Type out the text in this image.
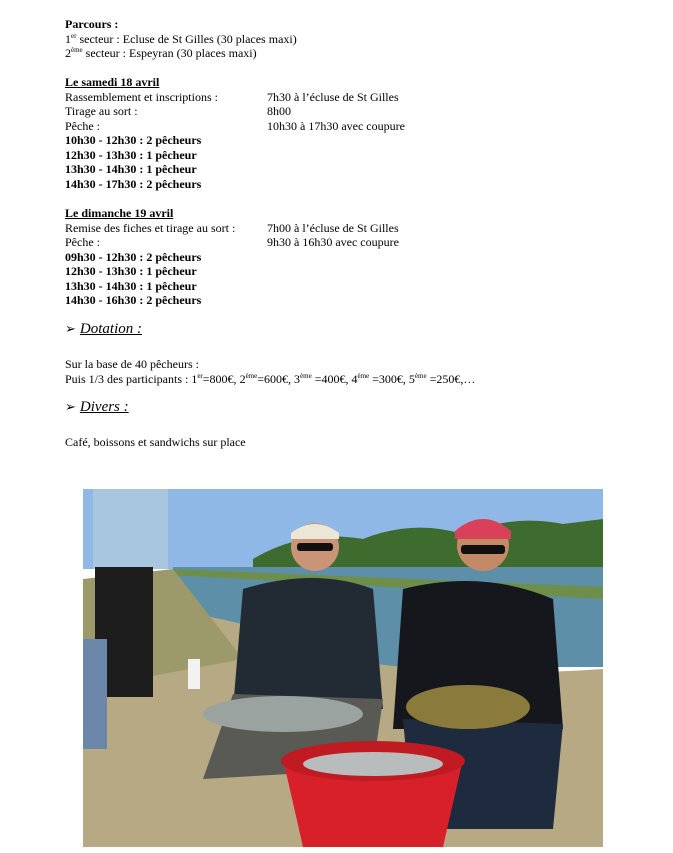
Parcours :
1er secteur : Ecluse de St Gilles (30 places maxi)
2ème secteur : Espeyran (30 places maxi)
Le samedi 18 avril
Rassemblement et inscriptions :	7h30 à l’écluse de St Gilles
Tirage au sort :	8h00
Pêche :	10h30 à 17h30 avec coupure
10h30 - 12h30 : 2 pêcheurs
12h30 - 13h30 : 1 pêcheur
13h30 - 14h30 : 1 pêcheur
14h30 - 17h30 : 2 pêcheurs
Le dimanche 19 avril
Remise des fiches et tirage au sort :	7h00 à l’écluse de St Gilles
Pêche :	9h30 à 16h30 avec coupure
09h30 - 12h30 : 2 pêcheurs
12h30 - 13h30 : 1 pêcheur
13h30 - 14h30 : 1 pêcheur
14h30 - 16h30 : 2 pêcheurs
➢ Dotation :
Sur la base de 40 pêcheurs :
Puis 1/3 des participants : 1er=800€, 2ème=600€, 3ème =400€, 4ème =300€, 5ème =250€,…
➢ Divers :
Café, boissons et sandwichs sur place
